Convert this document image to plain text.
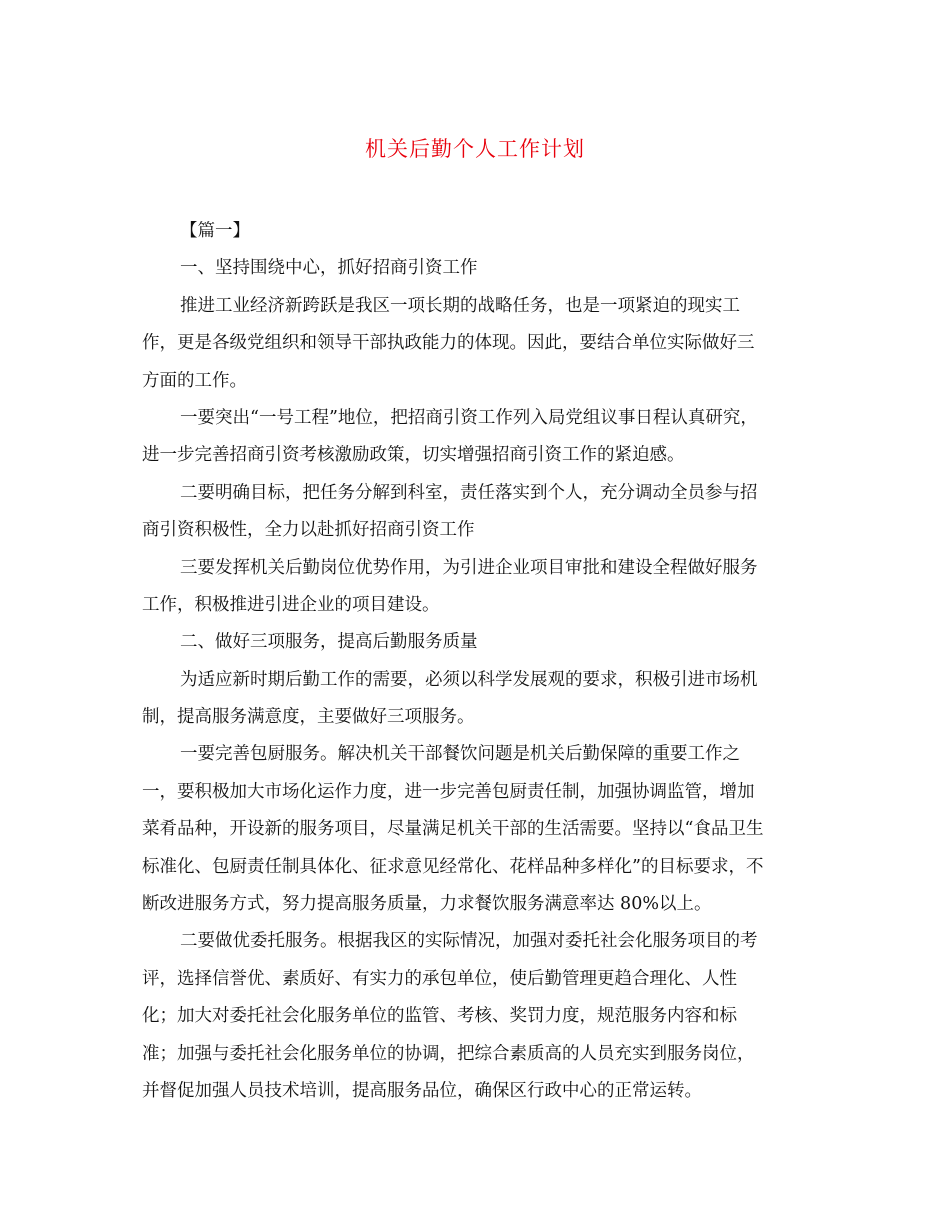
机关后勤个人工作计划
【篇一】
一、坚持围绕中心，抓好招商引资工作
推进工业经济新跨跃是我区一项长期的战略任务，也是一项紧迫的现实工
作，更是各级党组织和领导干部执政能力的体现。因此，要结合单位实际做好三
方面的工作。
一要突出“一号工程”地位，把招商引资工作列入局党组议事日程认真研究，
进一步完善招商引资考核激励政策，切实增强招商引资工作的紧迫感。
二要明确目标，把任务分解到科室，责任落实到个人，充分调动全员参与招
商引资积极性，全力以赴抓好招商引资工作
三要发挥机关后勤岗位优势作用，为引进企业项目审批和建设全程做好服务
工作，积极推进引进企业的项目建设。
二、做好三项服务，提高后勤服务质量
为适应新时期后勤工作的需要，必须以科学发展观的要求，积极引进市场机
制，提高服务满意度，主要做好三项服务。
一要完善包厨服务。解决机关干部餐饮问题是机关后勤保障的重要工作之
一，要积极加大市场化运作力度，进一步完善包厨责任制，加强协调监管，增加
菜肴品种，开设新的服务项目，尽量满足机关干部的生活需要。坚持以“食品卫生
标准化、包厨责任制具体化、征求意见经常化、花样品种多样化”的目标要求，不
断改进服务方式，努力提高服务质量，力求餐饮服务满意率达 80%以上。
二要做优委托服务。根据我区的实际情况，加强对委托社会化服务项目的考
评，选择信誉优、素质好、有实力的承包单位，使后勤管理更趋合理化、人性
化；加大对委托社会化服务单位的监管、考核、奖罚力度，规范服务内容和标
准；加强与委托社会化服务单位的协调，把综合素质高的人员充实到服务岗位，
并督促加强人员技术培训，提高服务品位，确保区行政中心的正常运转。
